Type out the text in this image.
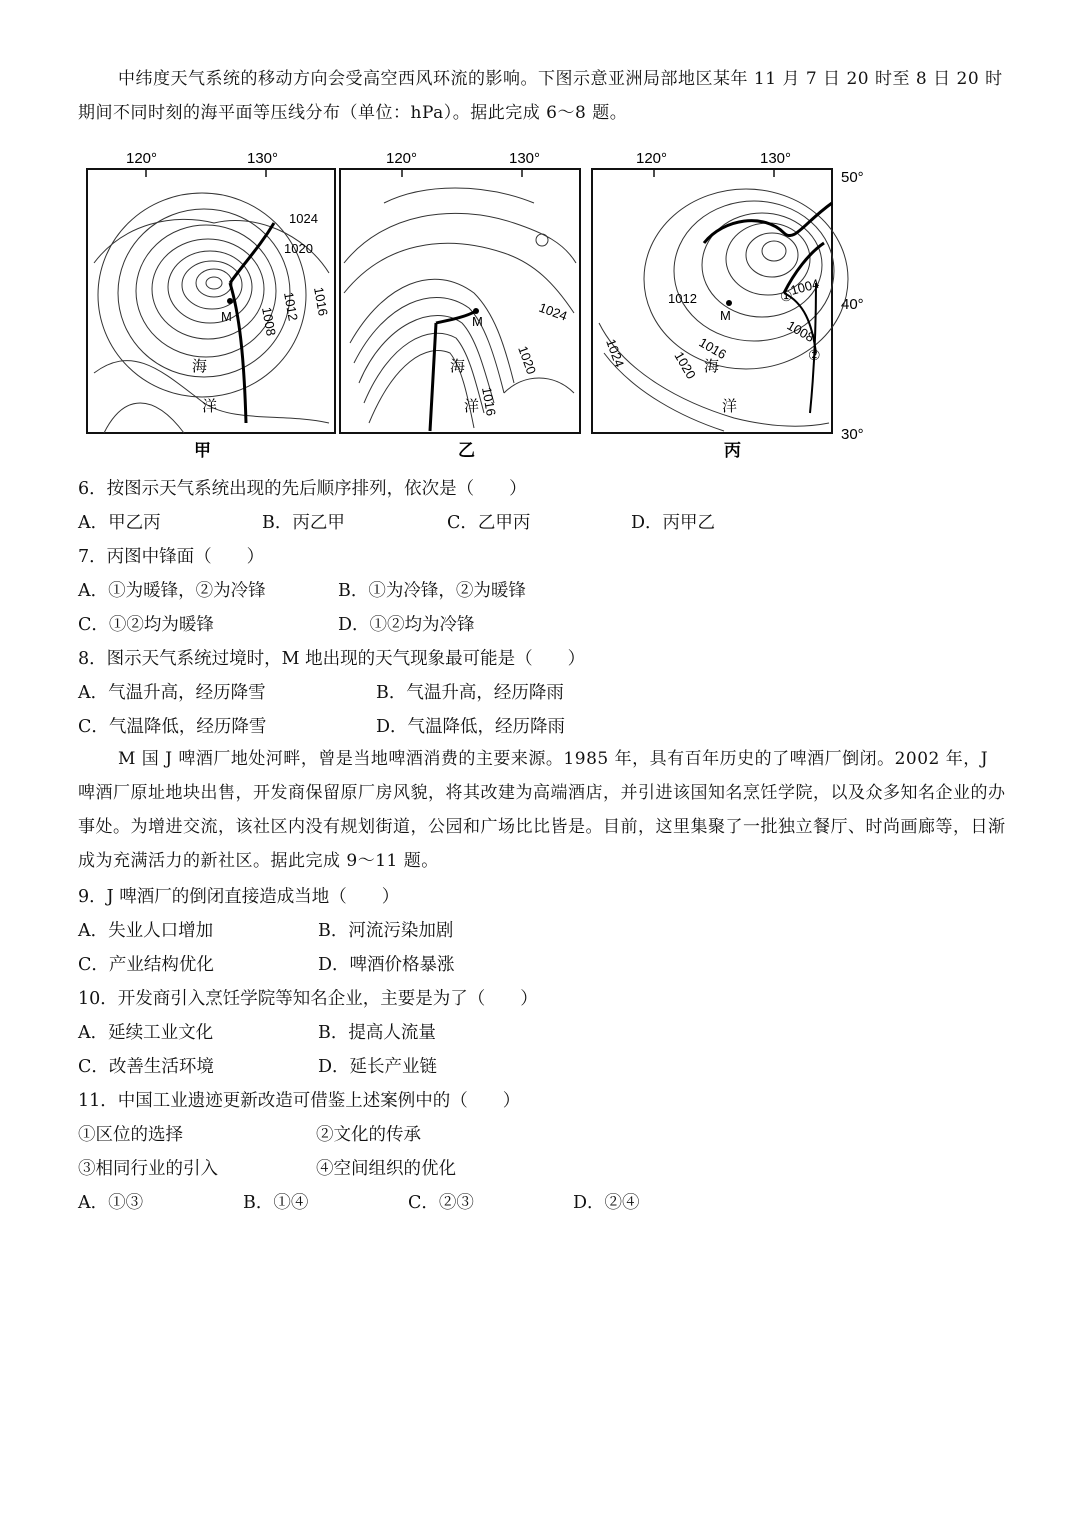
中纬度天气系统的移动方向会受高空西风环流的影响。下图示意亚洲局部地区某年 11 月 7 日 20 时至 8 日 20 时期间不同时刻的海平面等压线分布（单位：hPa）。据此完成 6～8 题。

120°	130°	120°	130°	120°	130°
50°
40°
30°
M
1024
1020
1016
1012
1008
海
洋
甲
M	1024
1020
1016
海
洋
乙
M
①
②
1004
1008
1012
1016
1020
1024	海
洋
丙
6．按图示天气系统出现的先后顺序排列，依次是（　　）
A．甲乙丙	B．丙乙甲	C．乙甲丙	D．丙甲乙
7．丙图中锋面（　　）
A．①为暖锋，②为冷锋	B．①为冷锋，②为暖锋
C．①②均为暖锋	D．①②均为冷锋
8．图示天气系统过境时，M 地出现的天气现象最可能是（　　）
A．气温升高，经历降雪	B．气温升高，经历降雨
C．气温降低，经历降雪	D．气温降低，经历降雨

M 国 J 啤酒厂地处河畔，曾是当地啤酒消费的主要来源。1985 年，具有百年历史的了啤酒厂倒闭。2002 年，J 啤酒厂原址地块出售，开发商保留原厂房风貌，将其改建为高端酒店，并引进该国知名烹饪学院，以及众多知名企业的办事处。为增进交流，该社区内没有规划街道，公园和广场比比皆是。目前，这里集聚了一批独立餐厅、时尚画廊等，日渐成为充满活力的新社区。据此完成 9～11 题。

9．J 啤酒厂的倒闭直接造成当地（　　）
A．失业人口增加	B．河流污染加剧
C．产业结构优化	D．啤酒价格暴涨
10．开发商引入烹饪学院等知名企业，主要是为了（　　）
A．延续工业文化	B．提高人流量
C．改善生活环境	D．延长产业链
11．中国工业遗迹更新改造可借鉴上述案例中的（　　）
①区位的选择	②文化的传承
③相同行业的引入	④空间组织的优化
A．①③	B．①④	C．②③	D．②④
